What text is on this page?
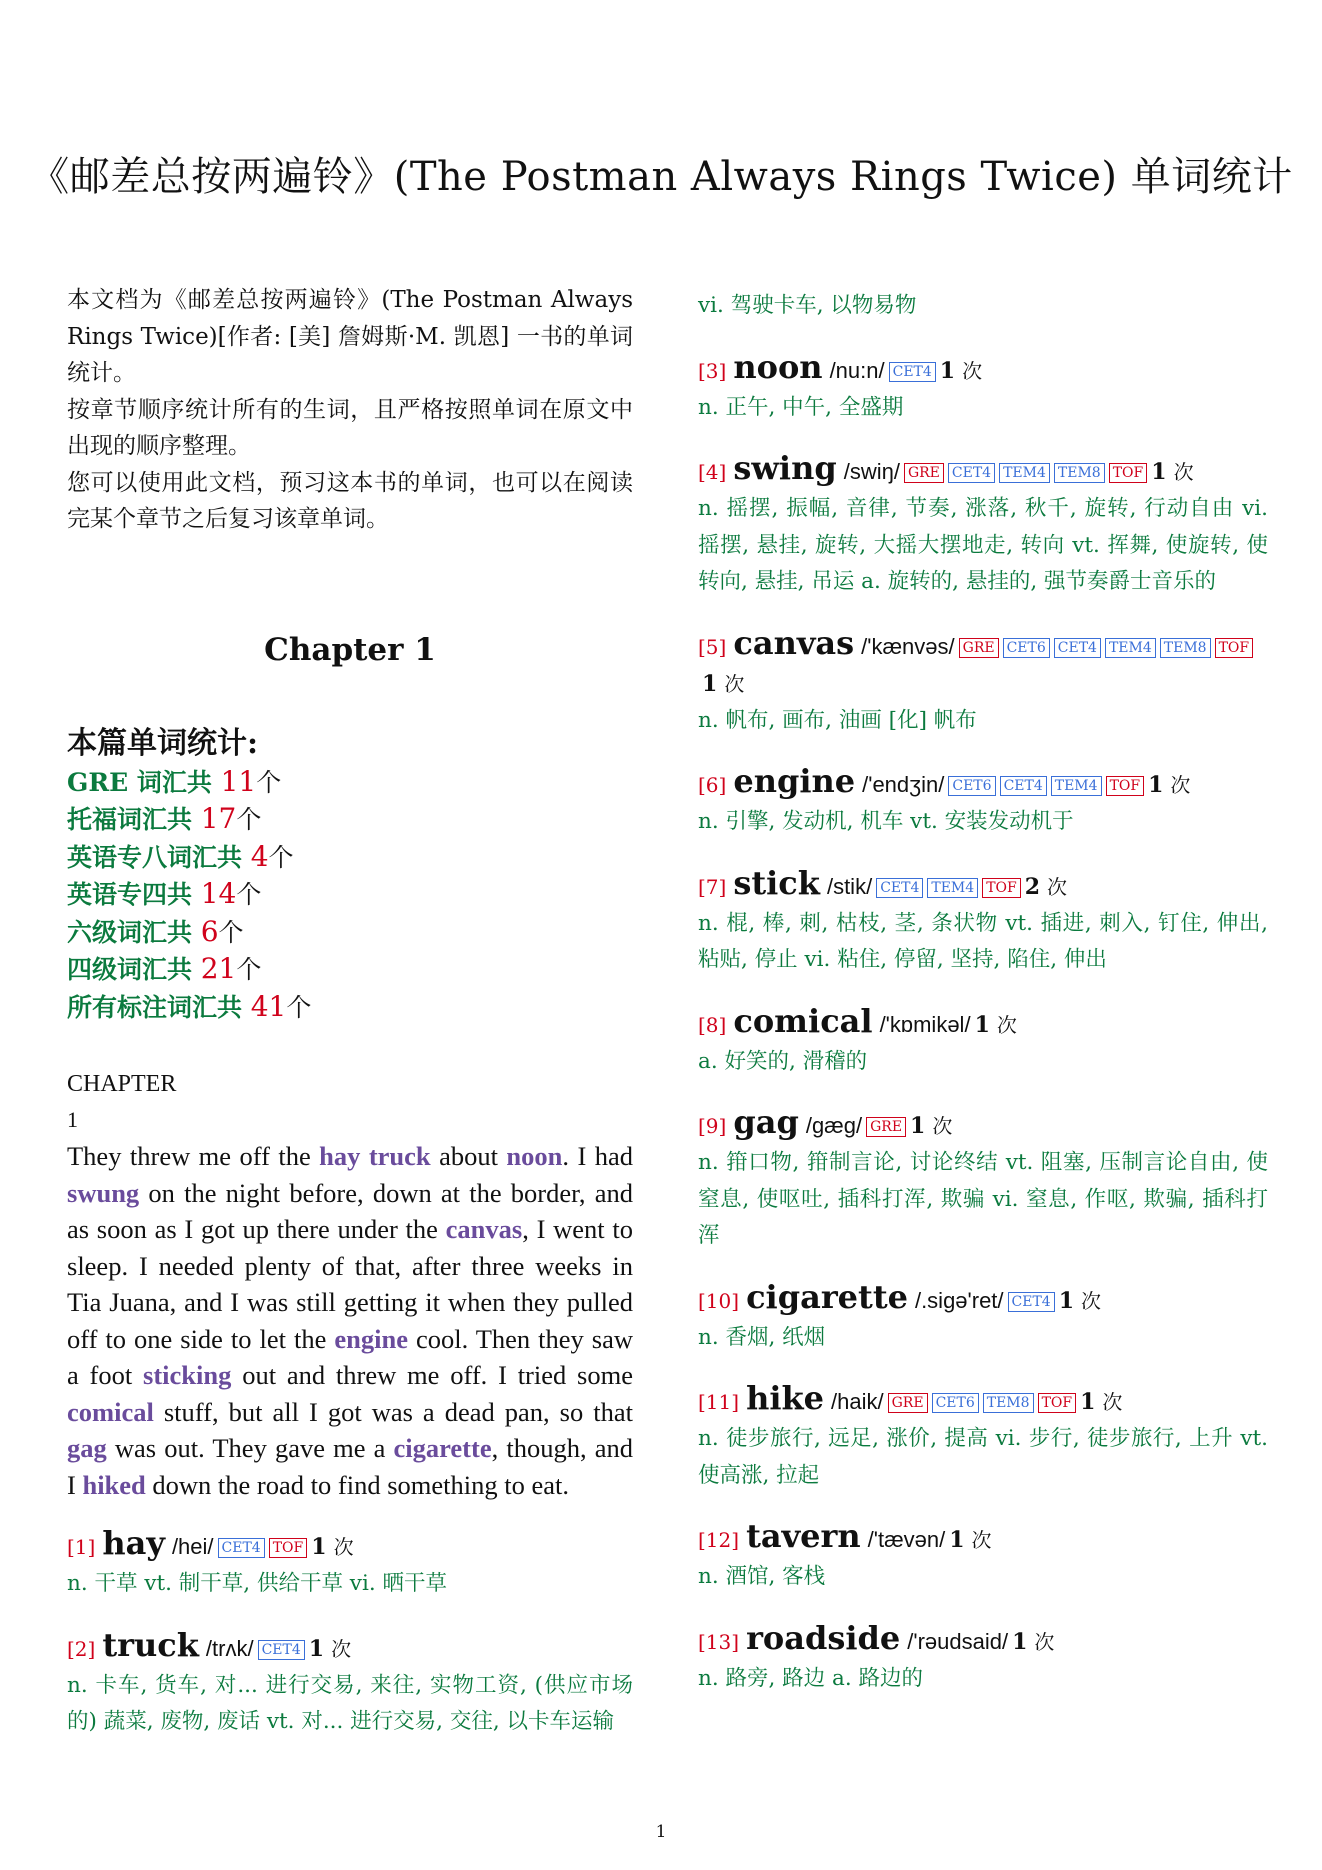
《邮差总按两遍铃》(The Postman Always Rings Twice) 单词统计

本文档为《邮差总按两遍铃》(The Postman Always Rings Twice)[作者: [美] 詹姆斯·M. 凯恩] 一书的单词统计。

按章节顺序统计所有的生词，且严格按照单词在原文中出现的顺序整理。

您可以使用此文档，预习这本书的单词，也可以在阅读完某个章节之后复习该章单词。

Chapter 1
本篇单词统计:
GRE 词汇共 11个
托福词汇共 17个
英语专八词汇共 4个
英语专四共 14个
六级词汇共 6个
四级词汇共 21个
所有标注词汇共 41个
CHAPTER
1

They threw me off the hay truck about noon. I had swung on the night before, down at the border, and as soon as I got up there under the canvas, I went to sleep. I needed plenty of that, after three weeks in Tia Juana, and I was still getting it when they pulled off to one side to let the engine cool. Then they saw a foot sticking out and threw me off. I tried some comical stuff, but all I got was a dead pan, so that gag was out. They gave me a cigarette, though, and I hiked down the road to find something to eat.

[1] hay /hei/ CET4 TOF 1 次
n. 干草 vt. 制干草, 供给干草 vi. 晒干草
[2] truck /trʌk/ CET4 1 次
n. 卡车, 货车, 对... 进行交易, 来往, 实物工资, (供应市场的) 蔬菜, 废物, 废话 vt. 对... 进行交易, 交往, 以卡车运输
vi. 驾驶卡车, 以物易物
[3] noon /nu:n/ CET4 1 次
n. 正午, 中午, 全盛期
[4] swing /swiŋ/ GRE CET4 TEM4 TEM8 TOF 1 次
n. 摇摆, 振幅, 音律, 节奏, 涨落, 秋千, 旋转, 行动自由 vi. 摇摆, 悬挂, 旋转, 大摇大摆地走, 转向 vt. 挥舞, 使旋转, 使转向, 悬挂, 吊运 a. 旋转的, 悬挂的, 强节奏爵士音乐的
[5] canvas /'kænvəs/ GRE CET6 CET4 TEM4 TEM8 TOF1 次
n. 帆布, 画布, 油画 [化] 帆布
[6] engine /'endʒin/ CET6 CET4 TEM4 TOF 1 次
n. 引擎, 发动机, 机车 vt. 安装发动机于
[7] stick /stik/ CET4 TEM4 TOF 2 次
n. 棍, 棒, 刺, 枯枝, 茎, 条状物 vt. 插进, 刺入, 钉住, 伸出, 粘贴, 停止 vi. 粘住, 停留, 坚持, 陷住, 伸出
[8] comical /'kɒmikəl/ 1 次
a. 好笑的, 滑稽的
[9] gag /gæg/ GRE 1 次
n. 箝口物, 箝制言论, 讨论终结 vt. 阻塞, 压制言论自由, 使窒息, 使呕吐, 插科打浑, 欺骗 vi. 窒息, 作呕, 欺骗, 插科打浑
[10] cigarette /.sigə'ret/ CET4 1 次
n. 香烟, 纸烟
[11] hike /haik/ GRE CET6 TEM8 TOF 1 次
n. 徒步旅行, 远足, 涨价, 提高 vi. 步行, 徒步旅行, 上升 vt. 使高涨, 拉起
[12] tavern /'tævən/ 1 次
n. 酒馆, 客栈
[13] roadside /'rəudsaid/ 1 次
n. 路旁, 路边 a. 路边的
1
